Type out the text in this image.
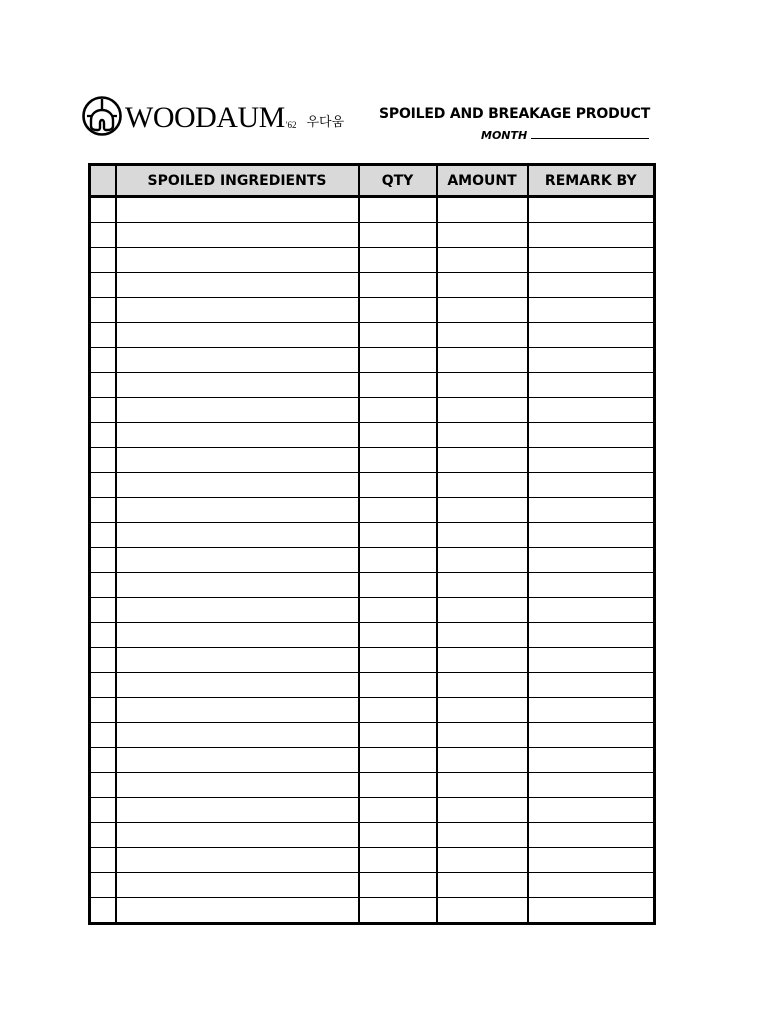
WOODAUM '62 우다움 SPOILED AND BREAKAGE PRODUCT
MONTH
	SPOILED INGREDIENTS	QTY	AMOUNT	REMARK BY
